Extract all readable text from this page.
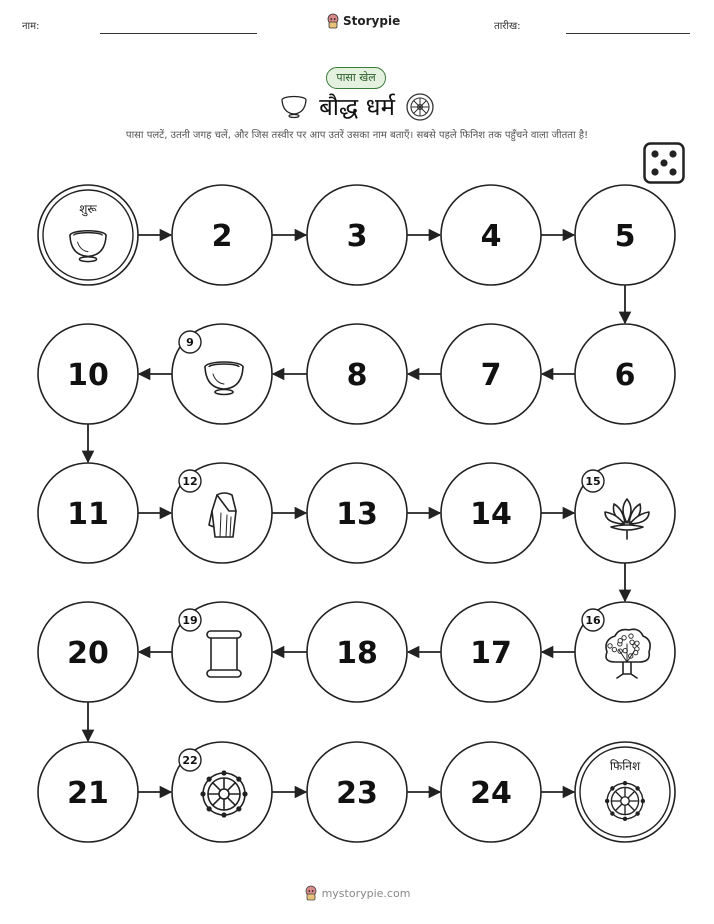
नाम:	Storypie	तारीख:
पासा खेल
बौद्ध धर्म
पासा पलटें, उतनी जगह चलें, और जिस तस्वीर पर आप उतरें उसका नाम बताएँ। सबसे पहले फिनिश तक पहुँचने वाला जीतता है!
शुरू
2	3	4	5
6
7
8
9
10
11
12
13	14
15
16
17
18
19
20
21
22
23	24
फिनिश
mystorypie.com
